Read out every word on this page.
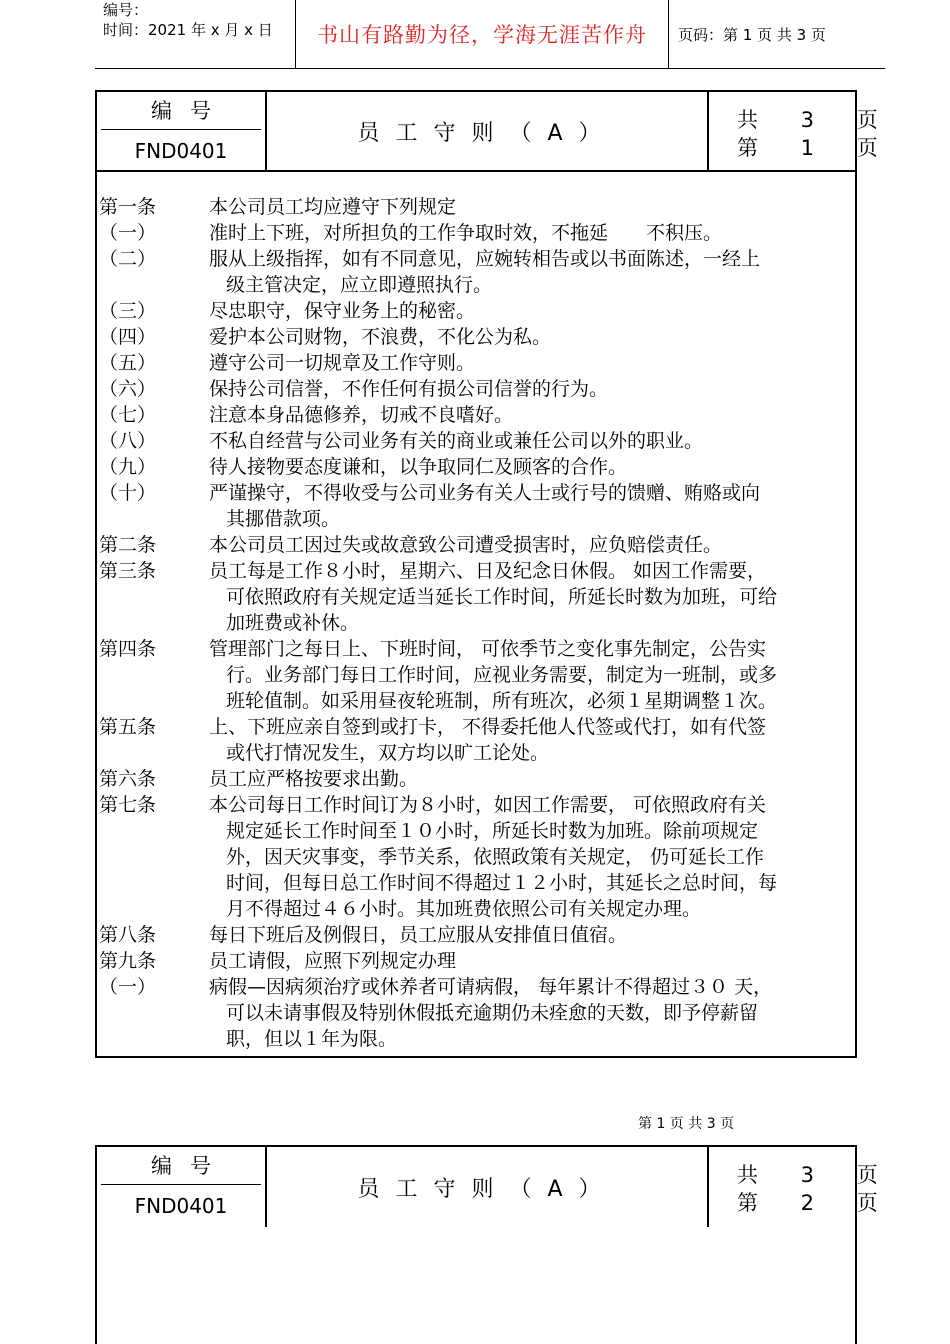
编号：
时间：2021 年 x 月 x 日	书山有路勤为径，学海无涯苦作舟	页码：第 1 页 共 3 页
编号
FND0401
员工守则（A）
共 3 页
第 1 页
第一条	本公司员工均应遵守下列规定
（一）	准时上下班，对所担负的工作争取时效，不拖延　　不积压。
（二）	服从上级指挥，如有不同意见，应婉转相告或以书面陈述，一经上
级主管决定，应立即遵照执行。
（三）	尽忠职守，保守业务上的秘密。
（四）	爱护本公司财物，不浪费，不化公为私。
（五）	遵守公司一切规章及工作守则。
（六）	保持公司信誉，不作任何有损公司信誉的行为。
（七）	注意本身品德修养，切戒不良嗜好。
（八）	不私自经营与公司业务有关的商业或兼任公司以外的职业。
（九）	待人接物要态度谦和，以争取同仁及顾客的合作。
（十）	严谨操守，不得收受与公司业务有关人士或行号的馈赠、贿赂或向
其挪借款项。
第二条	本公司员工因过失或故意致公司遭受损害时，应负赔偿责任。
第三条	员工每是工作８小时，星期六、日及纪念日休假。 如因工作需要，
可依照政府有关规定适当延长工作时间，所延长时数为加班，可给
加班费或补休。
第四条	管理部门之每日上、下班时间， 可依季节之变化事先制定，公告实
行。业务部门每日工作时间，应视业务需要，制定为一班制，或多
班轮值制。如采用昼夜轮班制，所有班次，必须１星期调整１次。
第五条	上、下班应亲自签到或打卡， 不得委托他人代签或代打，如有代签
或代打情况发生，双方均以旷工论处。
第六条	员工应严格按要求出勤。
第七条	本公司每日工作时间订为８小时，如因工作需要， 可依照政府有关
规定延长工作时间至１０小时，所延长时数为加班。除前项规定
外，因天灾事变，季节关系，依照政策有关规定， 仍可延长工作
时间，但每日总工作时间不得超过１２小时，其延长之总时间，每
月不得超过４６小时。其加班费依照公司有关规定办理。
第八条	每日下班后及例假日，员工应服从安排值日值宿。
第九条	员工请假，应照下列规定办理
（一）	病假—因病须治疗或休养者可请病假， 每年累计不得超过３０ 天，
可以未请事假及特别休假抵充逾期仍未痊愈的天数，即予停薪留
职，但以１年为限。
第 1 页 共 3 页
编号
FND0401
员工守则（A）
共 3 页
第 2 页
